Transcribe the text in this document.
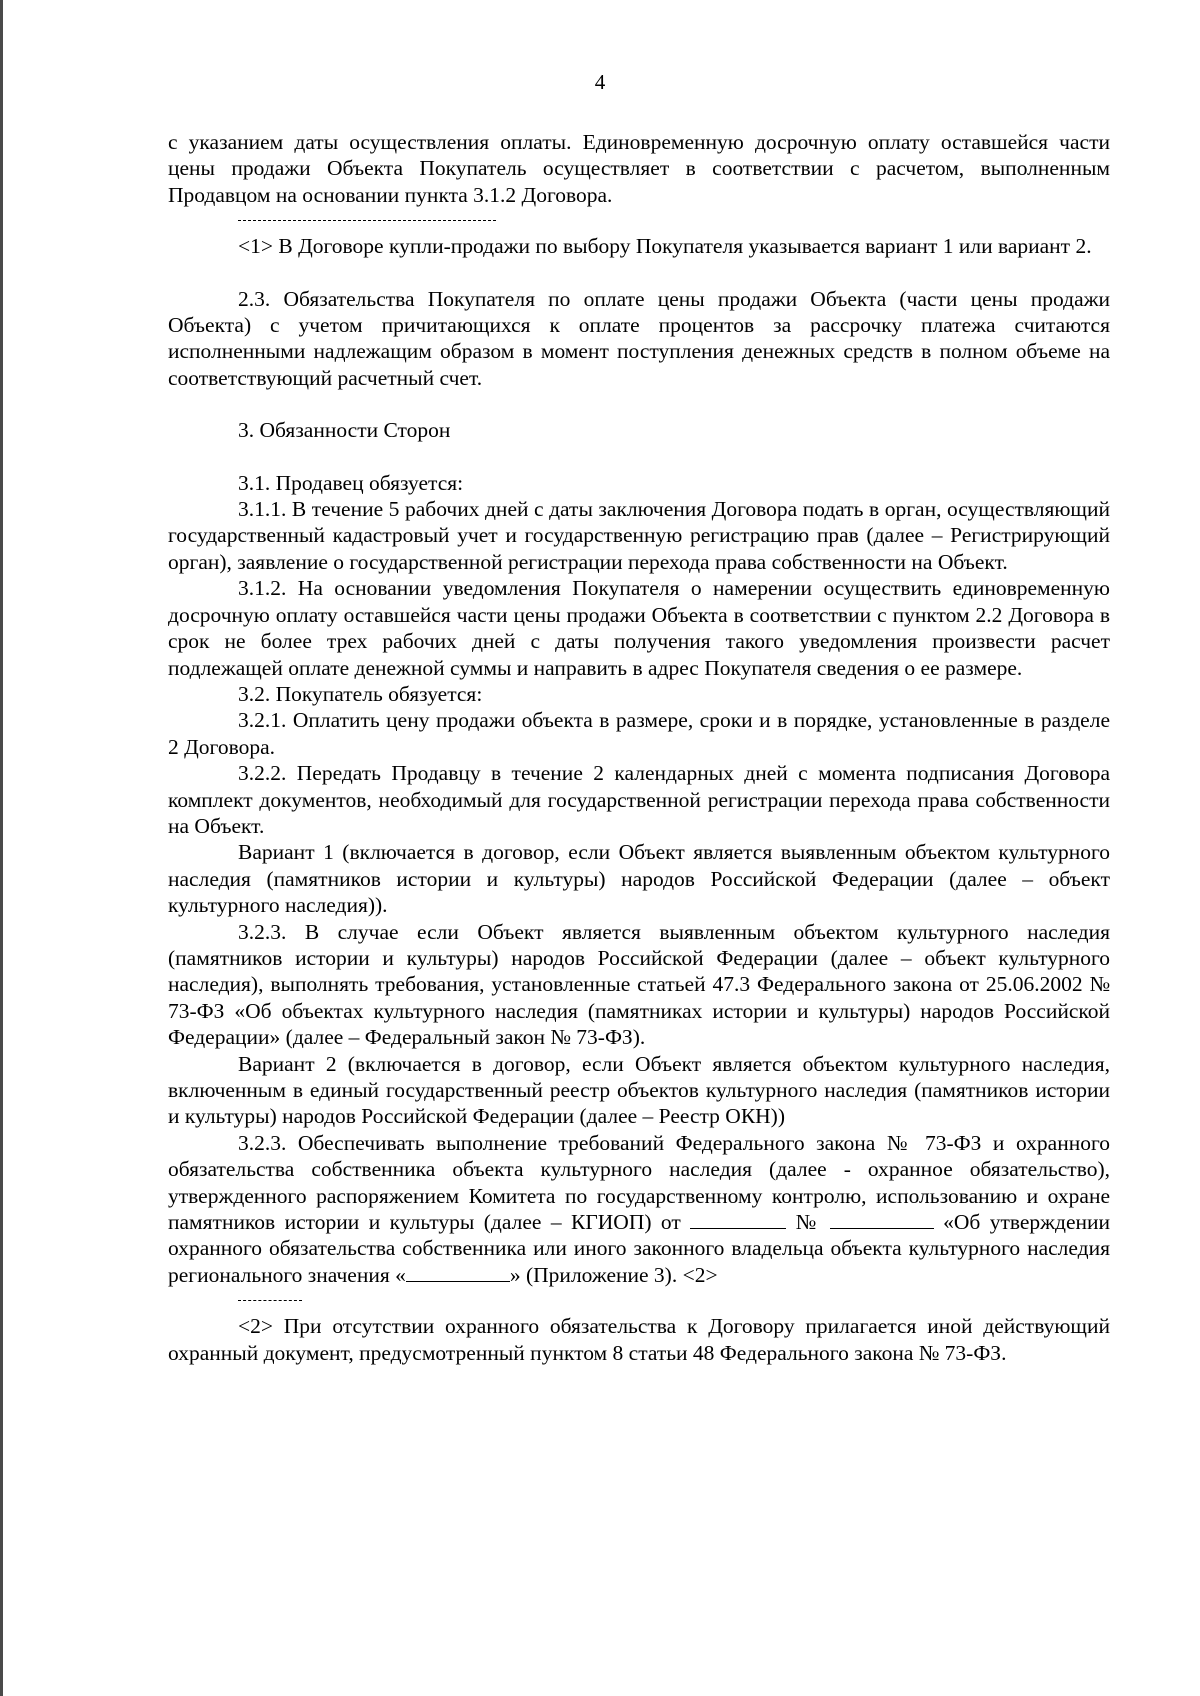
4

с указанием даты осуществления оплаты. Единовременную досрочную оплату оставшейся части цены продажи Объекта Покупатель осуществляет в соответствии с расчетом, выполненным Продавцом на основании пункта 3.1.2 Договора.

<1> В Договоре купли-продажи по выбору Покупателя указывается вариант 1 или вариант 2.

2.3. Обязательства Покупателя по оплате цены продажи Объекта (части цены продажи Объекта) с учетом причитающихся к оплате процентов за рассрочку платежа считаются исполненными надлежащим образом в момент поступления денежных средств в полном объеме на соответствующий расчетный счет.

3. Обязанности Сторон

3.1. Продавец обязуется:

3.1.1. В течение 5 рабочих дней с даты заключения Договора подать в орган, осуществляющий государственный кадастровый учет и государственную регистрацию прав (далее – Регистрирующий орган), заявление о государственной регистрации перехода права собственности на Объект.

3.1.2. На основании уведомления Покупателя о намерении осуществить единовременную досрочную оплату оставшейся части цены продажи Объекта в соответствии с пунктом 2.2 Договора в срок не более трех рабочих дней с даты получения такого уведомления произвести расчет подлежащей оплате денежной суммы и направить в адрес Покупателя сведения о ее размере.

3.2. Покупатель обязуется:

3.2.1. Оплатить цену продажи объекта в размере, сроки и в порядке, установленные в разделе 2 Договора.

3.2.2. Передать Продавцу в течение 2 календарных дней с момента подписания Договора комплект документов, необходимый для государственной регистрации перехода права собственности на Объект.

Вариант 1 (включается в договор, если Объект является выявленным объектом культурного наследия (памятников истории и культуры) народов Российской Федерации (далее – объект культурного наследия)).

3.2.3. В случае если Объект является выявленным объектом культурного наследия (памятников истории и культуры) народов Российской Федерации (далее – объект культурного наследия), выполнять требования, установленные статьей 47.3 Федерального закона от 25.06.2002 № 73-ФЗ «Об объектах культурного наследия (памятниках истории и культуры) народов Российской Федерации» (далее – Федеральный закон № 73-ФЗ).

Вариант 2 (включается в договор, если Объект является объектом культурного наследия, включенным в единый государственный реестр объектов культурного наследия (памятников истории и культуры) народов Российской Федерации (далее – Реестр ОКН))

3.2.3. Обеспечивать выполнение требований Федерального закона № 73-ФЗ и охранного обязательства собственника объекта культурного наследия (далее - охранное обязательство), утвержденного распоряжением Комитета по государственному контролю, использованию и охране памятников истории и культуры (далее – КГИОП) от	№	«Об утверждении охранного обязательства собственника или иного законного владельца объекта культурного наследия регионального значения «	» (Приложение 3). <2>

<2> При отсутствии охранного обязательства к Договору прилагается иной действующий охранный документ, предусмотренный пунктом 8 статьи 48 Федерального закона № 73-ФЗ.
